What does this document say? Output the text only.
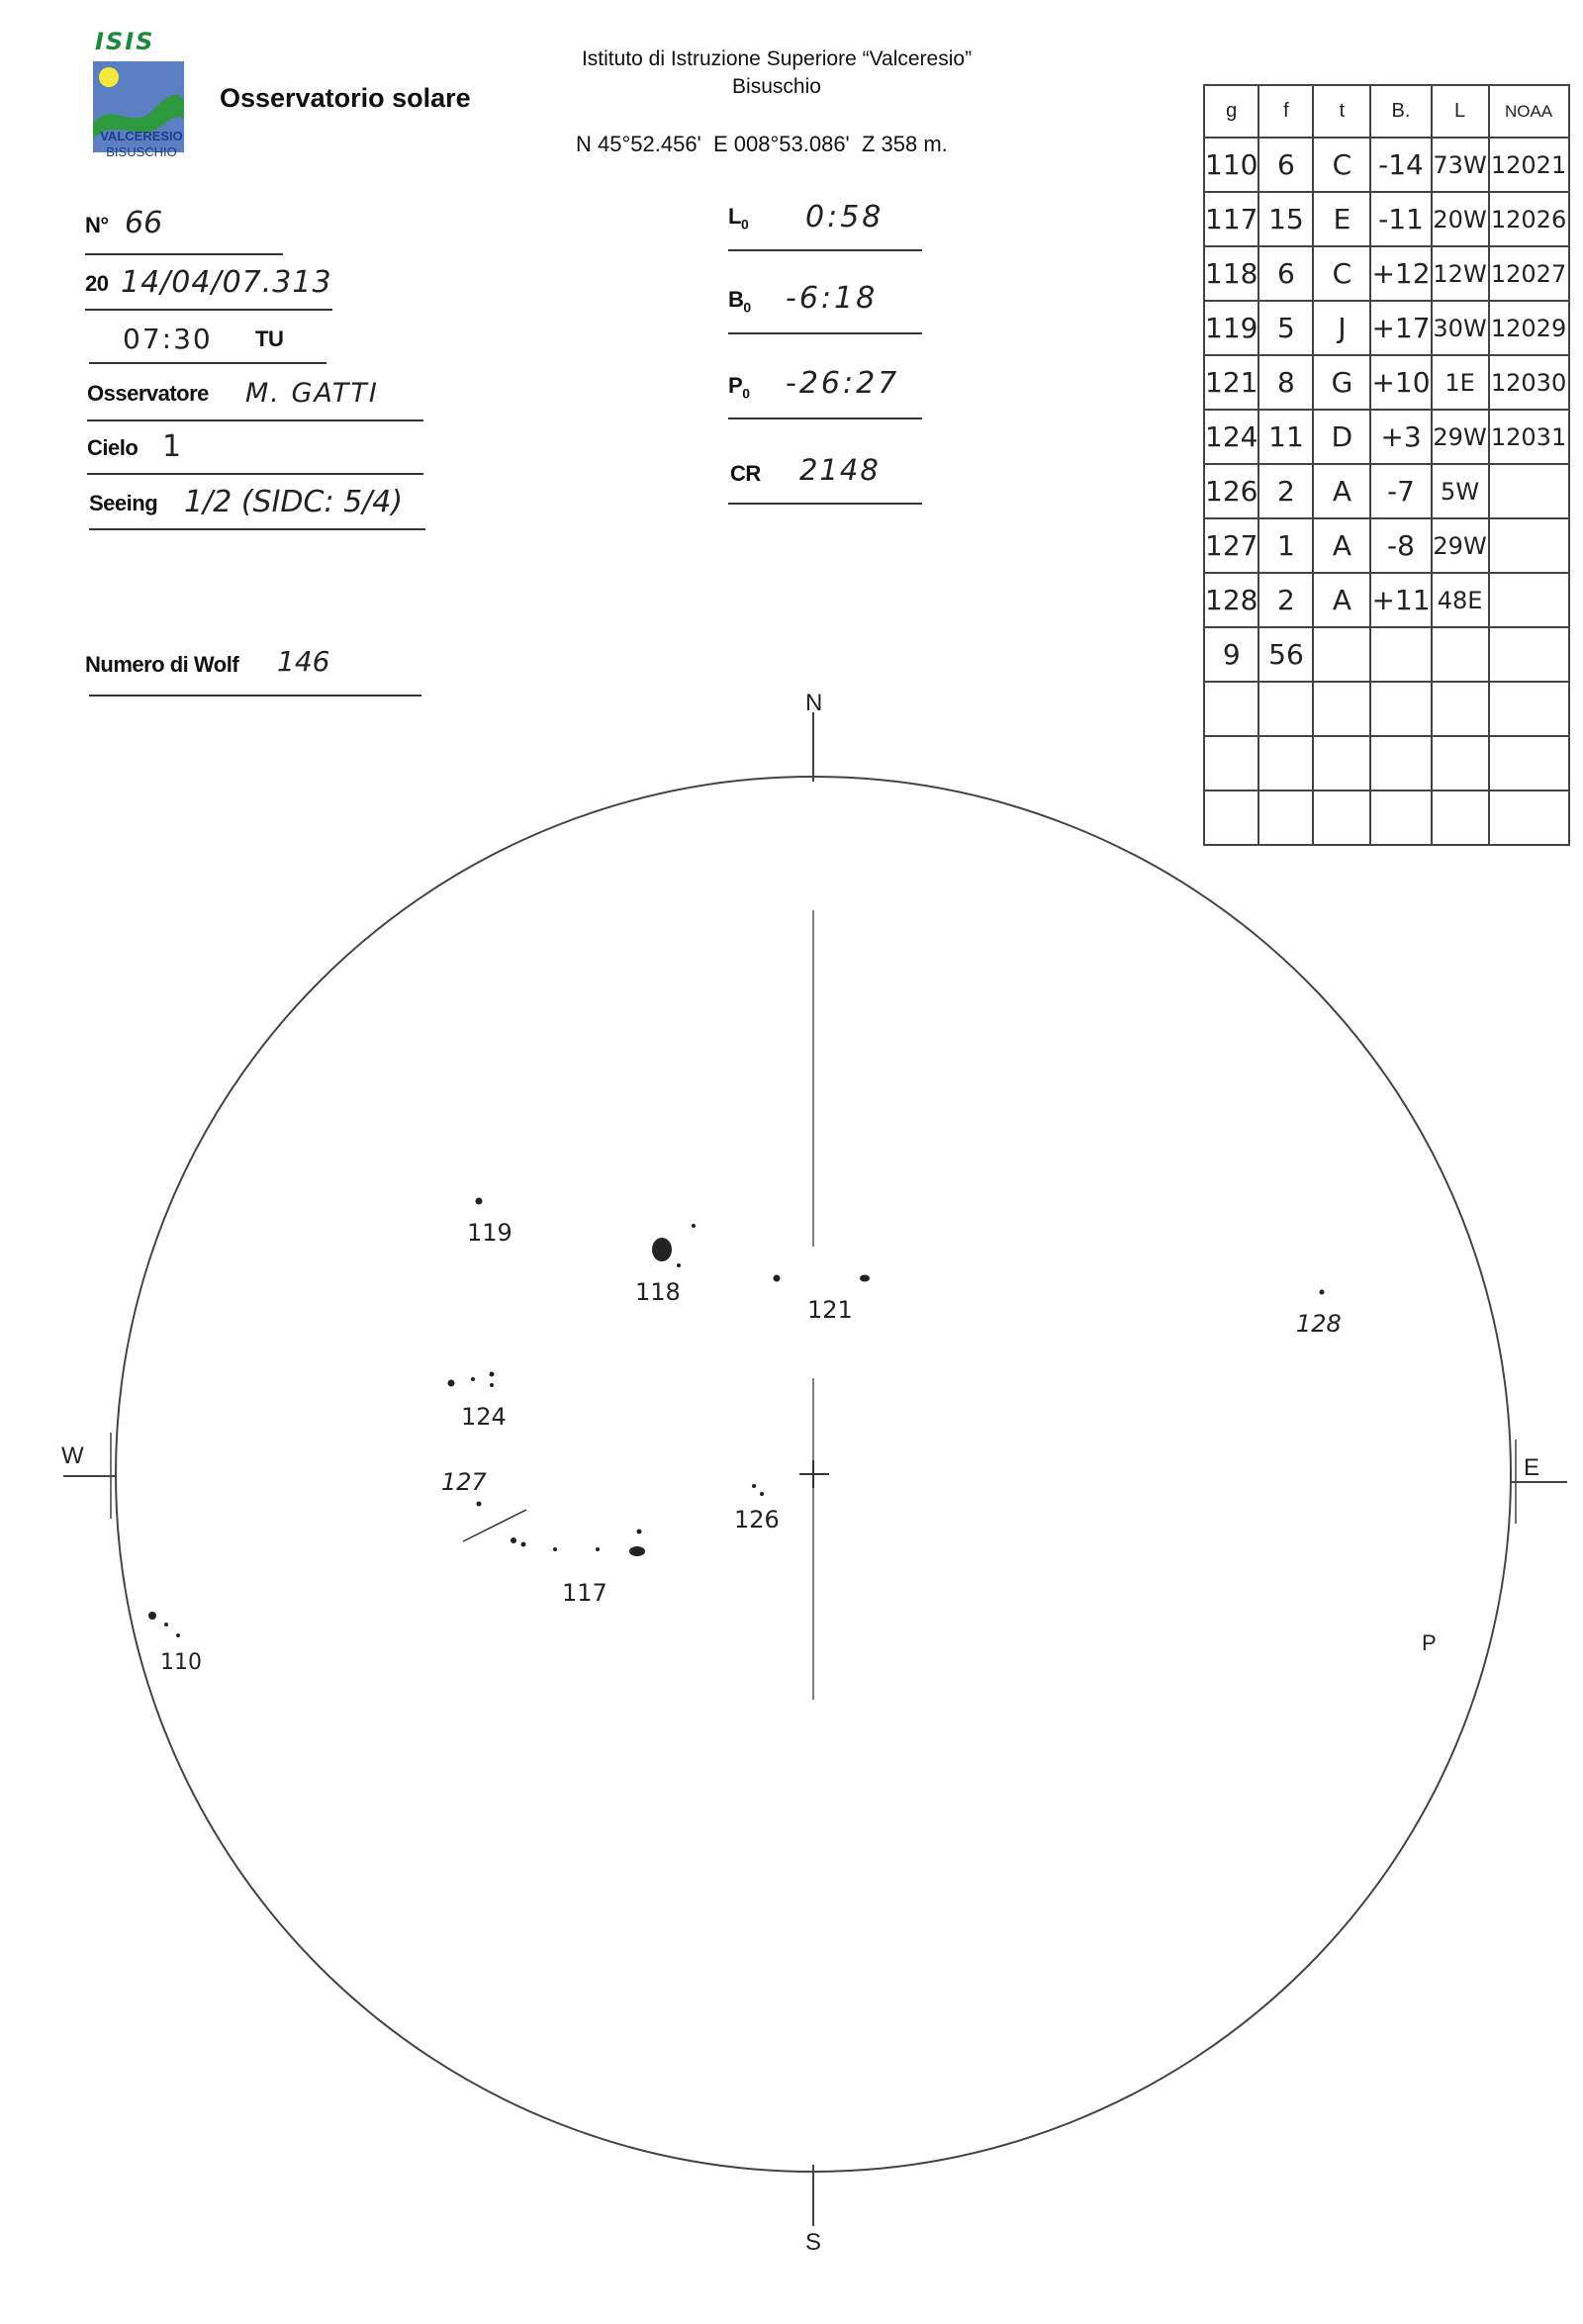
ISIS
VALCERESIO
BISUSCHIO
Osservatorio solare
Istituto di Istruzione Superiore “Valceresio”
Bisuschio
N 45°52.456'  E 008°53.086'  Z 358 m.
N° 66
20 14/04/07.313
07:30 TU
Osservatore M. GATTI
Cielo 1
Seeing 1/2 (SIDC: 5/4)
Numero di Wolf 146
$L_0$ 0:58
$B_0$ -6:18
$P_0$ -26:27
CR 2148
g	f	t	B.	L	NOAA
110	6	C	-14	73W	12021
117	15	E	-11	20W	12026
118	6	C	+12	12W	12027
119	5	J	+17	30W	12029
121	8	G	+10	1E	12030
124	11	D	+3	29W	12031
126	2	A	-7	5W	
127	1	A	-8	29W	
128	2	A	+11	48E	
9	56				

N
S
W	E
P
119
118
121	128
124
127
126
117
110
